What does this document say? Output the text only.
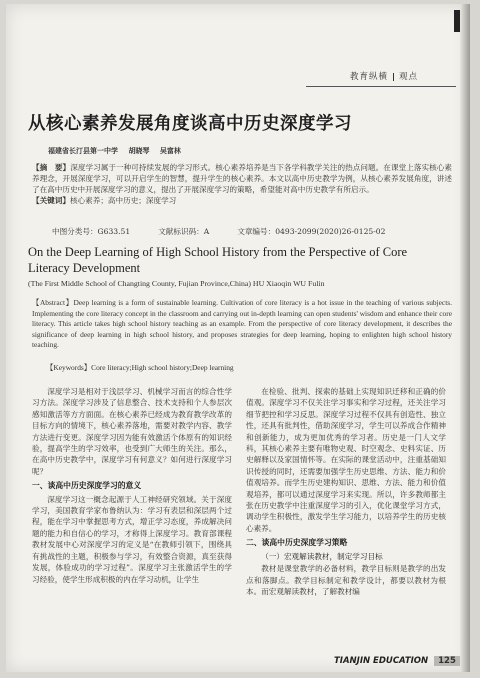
教育纵横 观点
从核心素养发展角度谈高中历史深度学习
福建省长汀县第一中学 胡晓琴 吴富林
【摘　要】深度学习属于一种可持续发展的学习形式。核心素养培养是当下各学科教学关注的热点问题。在课堂上落实核心素养理念，开展深度学习，可以开启学生的智慧，提升学生的核心素养。本文以高中历史教学为例，从核心素养发展角度，讲述了在高中历史中开展深度学习的意义，提出了开展深度学习的策略，希望能对高中历史教学有所启示。
【关键词】核心素养；高中历史；深度学习
中图分类号：G633.51	文献标识码：A	文章编号：0493-2099(2020)26-0125-02
On the Deep Learning of High School History from the Perspective of Core Literacy Development
(The First Middle School of Changting County, Fujian Province,China) HU Xiaoqin WU Fulin
【Abstract】Deep learning is a form of sustainable learning. Cultivation of core literacy is a hot issue in the teaching of various subjects. Implementing the core literacy concept in the classroom and carrying out in-depth learning can open students' wisdom and enhance their core literacy. This article takes high school history teaching as an example. From the perspective of core literacy development, it describes the significance of deep learning in high school history, and proposes strategies for deep learning, hoping to enlighten high school history teaching.
【Keywords】Core literacy;High school history;Deep learning

深度学习是相对于浅层学习、机械学习而言的综合性学习方法。深度学习涉及了信息整合、技术支持和个人参层次感知激活等方方面面。在核心素养已经成为教育教学改革的目标方向的情境下，核心素养落地，需要对教学内容、教学方法进行变更。深度学习因为能有效激活个体原有的知识经验，提高学生的学习效率，也受到广大师生的关注。那么，在高中历史教学中，深度学习有何意义？如何进行深度学习呢？

一、谈高中历史深度学习的意义

深度学习这一概念起源于人工神经研究领域。关于深度学习，美国教育学家布鲁纳认为：学习有表层和深层两个过程，能在学习中掌握思考方式，增正学习态度，养成解决问题的能力和自信心的学习，才称得上深度学习。教育部课程教材发展中心对深度学习的定义是“在教师引领下，围绕具有挑战性的主题，积极参与学习，有效整合资源，真至获得发展，体验成功的学习过程”。深度学习主张激活学生的学习经验，使学生形成积极的内在学习动机，让学生

在检验、批判、探索的基础上实现知识迁移和正确的价值观。深度学习不仅关注学习事实和学习过程，还关注学习细节把控和学习反思。深度学习过程不仅具有创造性、独立性，还具有批判性，借助深度学习，学生可以养成合作精神和创新能力，成为更加优秀的学习者。历史是一门人文学科，其核心素养主要有唯物史观、时空观念、史料实证、历史解释以及家国情怀等。在实际的课堂活动中，注重基础知识传授的同时，还需要加强学生历史思维、方法、能力和价值观培养。而学生历史建构知识、思维、方法、能力和价值观培养，都可以通过深度学习来实现。所以，许多教师都主张在历史教学中注重深度学习的引入，优化课堂学习方式，调动学生积极性，激发学生学习能力，以培养学生的历史核心素养。

二、谈高中历史深度学习策略
（一）宏观解读教材，制定学习目标

教材是课堂教学的必备材料，教学目标则是教学的出发点和落脚点。教学目标制定和教学设计，都要以教材为根本。而宏观解读教材，了解教材编

TIANJIN EDUCATION 125
